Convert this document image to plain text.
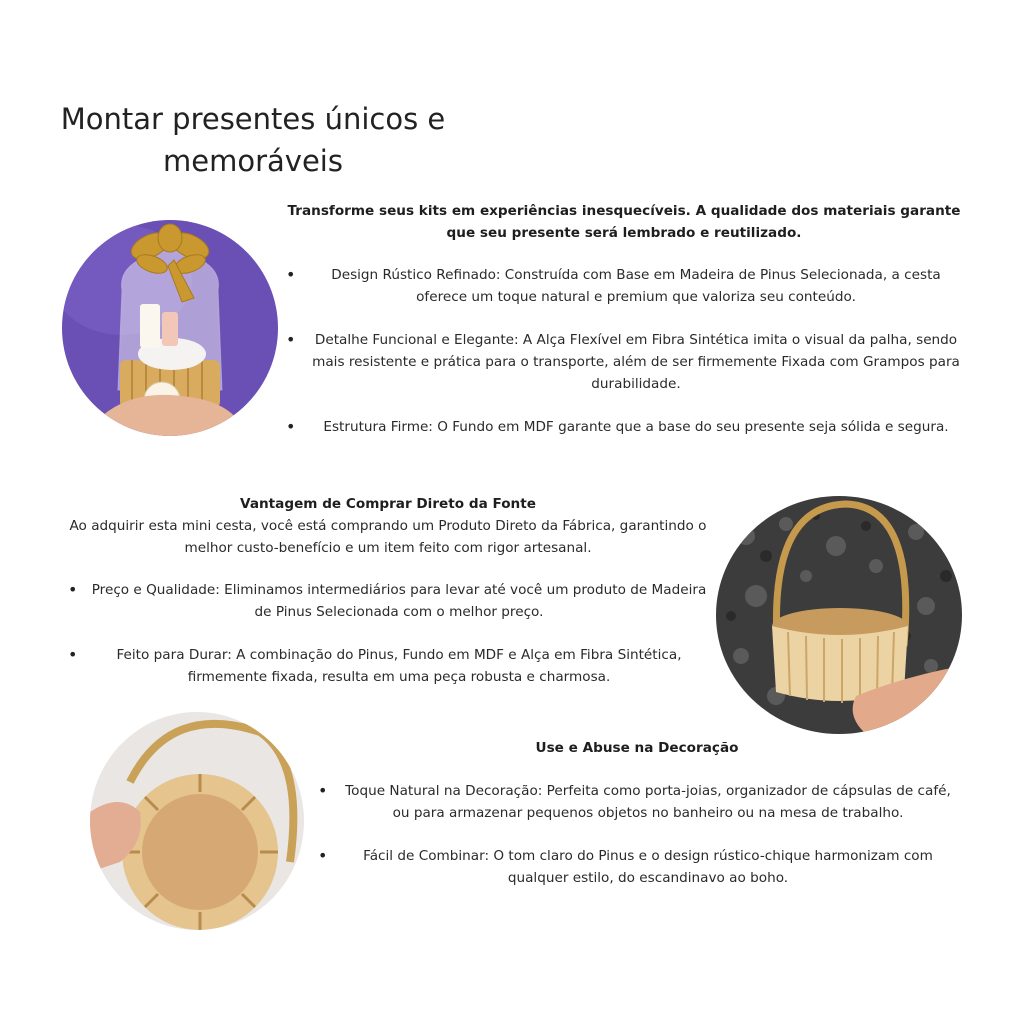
Montar presentes únicos e memoráveis

Transforme seus kits em experiências inesquecíveis. A qualidade dos materiais garante que seu presente será lembrado e reutilizado.

• Design Rústico Refinado: Construída com Base em Madeira de Pinus Selecionada, a cesta oferece um toque natural e premium que valoriza seu conteúdo.
• Detalhe Funcional e Elegante: A Alça Flexível em Fibra Sintética imita o visual da palha, sendo mais resistente e prática para o transporte, além de ser firmemente Fixada com Grampos para durabilidade.
• Estrutura Firme: O Fundo em MDF garante que a base do seu presente seja sólida e segura.

Vantagem de Comprar Direto da Fonte

Ao adquirir esta mini cesta, você está comprando um Produto Direto da Fábrica, garantindo o melhor custo-benefício e um item feito com rigor artesanal.

• Preço e Qualidade: Eliminamos intermediários para levar até você um produto de Madeira de Pinus Selecionada com o melhor preço.
• Feito para Durar: A combinação do Pinus, Fundo em MDF e Alça em Fibra Sintética, firmemente fixada, resulta em uma peça robusta e charmosa.

Use e Abuse na Decoração

• Toque Natural na Decoração: Perfeita como porta-joias, organizador de cápsulas de café, ou para armazenar pequenos objetos no banheiro ou na mesa de trabalho.
• Fácil de Combinar: O tom claro do Pinus e o design rústico-chique harmonizam com qualquer estilo, do escandinavo ao boho.
